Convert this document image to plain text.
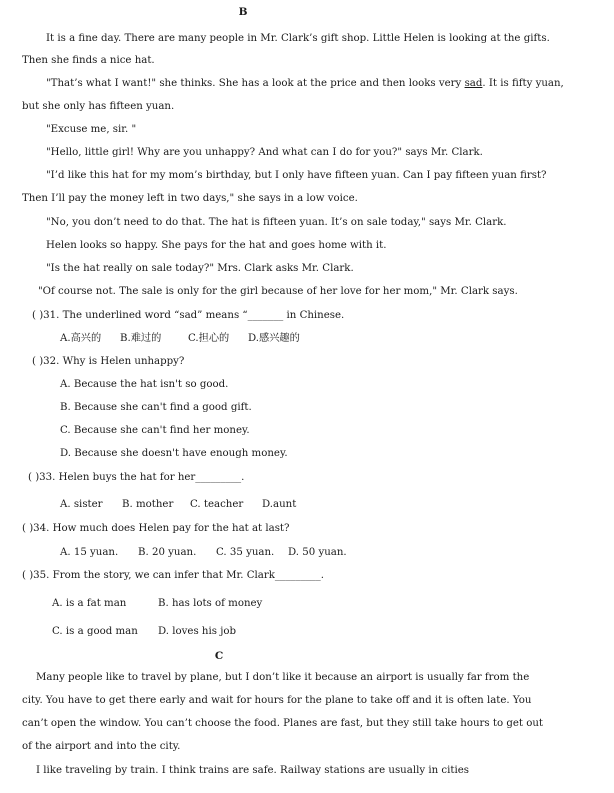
B
It is a fine day. There are many people in Mr. Clark’s gift shop. Little Helen is looking at the gifts.
Then she finds a nice hat.
"That’s what I want!" she thinks. She has a look at the price and then looks very sad. It is fifty yuan,
but she only has fifteen yuan.
"Excuse me, sir. "
"Hello, little girl! Why are you unhappy? And what can I do for you?" says Mr. Clark.
"I’d like this hat for my mom’s birthday, but I only have fifteen yuan. Can I pay fifteen yuan first?
Then I’ll pay the money left in two days," she says in a low voice.
"No, you don’t need to do that. The hat is fifteen yuan. It’s on sale today," says Mr. Clark.
Helen looks so happy. She pays for the hat and goes home with it.
"Is the hat really on sale today?" Mrs. Clark asks Mr. Clark.
"Of course not. The sale is only for the girl because of her love for her mom," Mr. Clark says.
( )31. The underlined word “sad” means “_______ in Chinese.
A.高兴的 B.难过的	C.担心的 D.感兴趣的
( )32. Why is Helen unhappy?
A. Because the hat isn't so good.
B. Because she can't find a good gift.
C. Because she can't find her money.
D. Because she doesn't have enough money.
( )33. Helen buys the hat for her_________.
A. sister B. mother C. teacher D.aunt
( )34. How much does Helen pay for the hat at last?
A. 15 yuan. B. 20 yuan. C. 35 yuan. D. 50 yuan.
( )35. From the story, we can infer that Mr. Clark_________.
A. is a fat man	B. has lots of money
C. is a good man D. loves his job
C
Many people like to travel by plane, but I don’t like it because an airport is usually far from the
city. You have to get there early and wait for hours for the plane to take off and it is often late. You
can’t open the window. You can’t choose the food. Planes are fast, but they still take hours to get out
of the airport and into the city.
I like traveling by train. I think trains are safe. Railway stations are usually in cities
